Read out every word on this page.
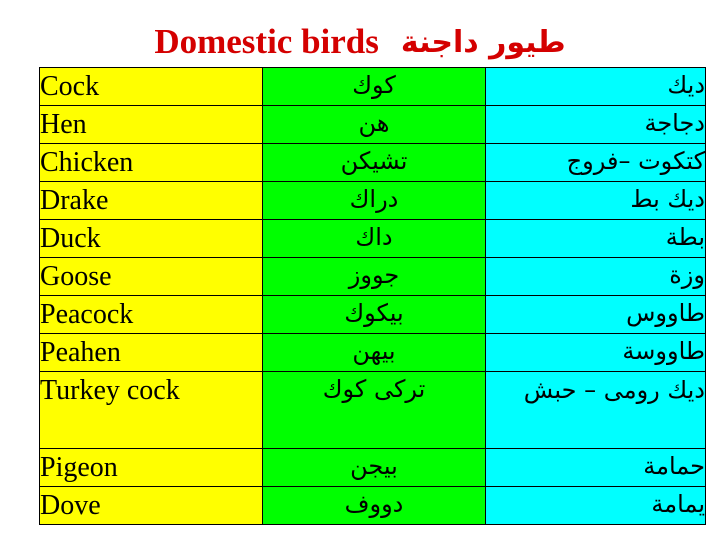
Domestic birds طيور داجنة
Cock	كوك	ديك
Hen	هن	دجاجة
Chicken	تشيكن	كتكوت –فروج
Drake	دراك	ديك بط
Duck	داك	بطة
Goose	جووز	وزة
Peacock	بيكوك	طاووس
Peahen	بيهن	طاووسة
Turkey cock	تركى كوك	ديك رومى – حبش
Pigeon	بيجن	حمامة
Dove	دووف	يمامة
▔▔▔▔▔
